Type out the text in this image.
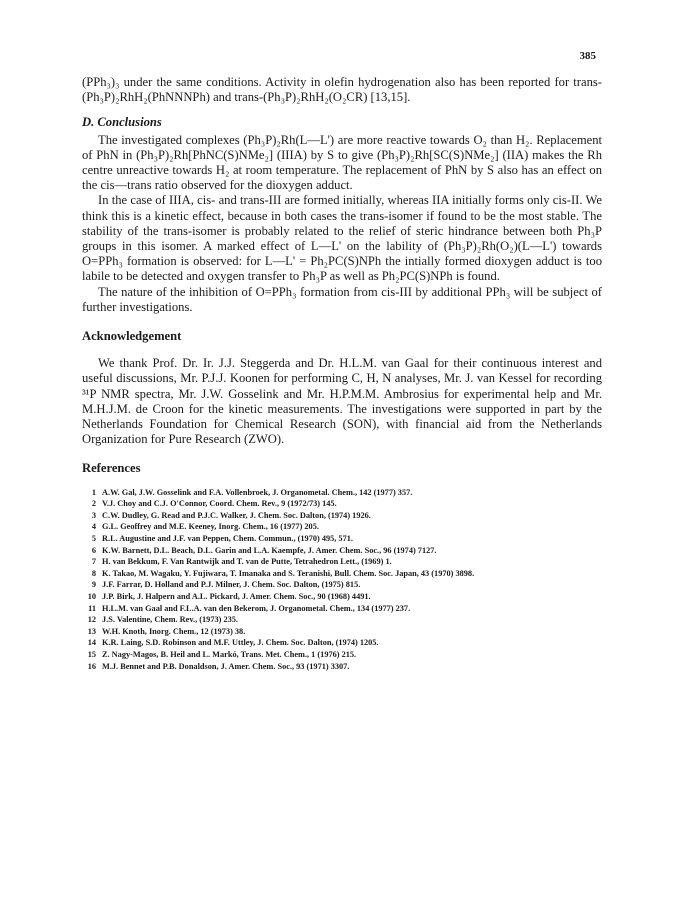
385

(PPh₃)₃ under the same conditions. Activity in olefin hydrogenation also has been reported for trans-(Ph₃P)₂RhH₂(PhNNNPh) and trans-(Ph₃P)₂RhH₂(O₂CR) [13,15].

D. Conclusions

The investigated complexes (Ph₃P)₂Rh(L—L') are more reactive towards O₂ than H₂. Replacement of PhN in (Ph₃P)₂Rh[PhNC(S)NMe₂] (IIIA) by S to give (Ph₃P)₂Rh[SC(S)NMe₂] (IIA) makes the Rh centre unreactive towards H₂ at room temperature. The replacement of PhN by S also has an effect on the cis—trans ratio observed for the dioxygen adduct.

In the case of IIIA, cis- and trans-III are formed initially, whereas IIA initially forms only cis-II. We think this is a kinetic effect, because in both cases the trans-isomer if found to be the most stable. The stability of the trans-isomer is probably related to the relief of steric hindrance between both Ph₃P groups in this isomer. A marked effect of L—L' on the lability of (Ph₃P)₂Rh(O₂)(L—L') towards O=PPh₃ formation is observed: for L—L' = Ph₂PC(S)NPh the intially formed dioxygen adduct is too labile to be detected and oxygen transfer to Ph₃P as well as Ph₂PC(S)NPh is found.

The nature of the inhibition of O=PPh₃ formation from cis-III by additional PPh₃ will be subject of further investigations.

Acknowledgement

We thank Prof. Dr. Ir. J.J. Steggerda and Dr. H.L.M. van Gaal for their continuous interest and useful discussions, Mr. P.J.J. Koonen for performing C, H, N analyses, Mr. J. van Kessel for recording ³¹P NMR spectra, Mr. J.W. Gosselink and Mr. H.P.M.M. Ambrosius for experimental help and Mr. M.H.J.M. de Croon for the kinetic measurements. The investigations were supported in part by the Netherlands Foundation for Chemical Research (SON), with financial aid from the Netherlands Organization for Pure Research (ZWO).

References
1 A.W. Gal, J.W. Gosselink and F.A. Vollenbroek, J. Organometal. Chem., 142 (1977) 357.
2 V.J. Choy and C.J. O'Connor, Coord. Chem. Rev., 9 (1972/73) 145.
3 C.W. Dudley, G. Read and P.J.C. Walker, J. Chem. Soc. Dalton, (1974) 1926.
4 G.L. Geoffrey and M.E. Keeney, Inorg. Chem., 16 (1977) 205.
5 R.L. Augustine and J.F. van Peppen, Chem. Commun., (1970) 495, 571.
6 K.W. Barnett, D.L. Beach, D.L. Garin and L.A. Kaempfe, J. Amer. Chem. Soc., 96 (1974) 7127.
7 H. van Bekkum, F. Van Rantwijk and T. van de Putte, Tetrahedron Lett., (1969) 1.
8 K. Takao, M. Wagaku, Y. Fujiwara, T. Imanaka and S. Teranishi, Bull. Chem. Soc. Japan, 43 (1970) 3898.
9 J.F. Farrar, D. Holland and P.J. Milner, J. Chem. Soc. Dalton, (1975) 815.
10 J.P. Birk, J. Halpern and A.L. Pickard, J. Amer. Chem. Soc., 90 (1968) 4491.
11 H.L.M. van Gaal and F.L.A. van den Bekerom, J. Organometal. Chem., 134 (1977) 237.
12 J.S. Valentine, Chem. Rev., (1973) 235.
13 W.H. Knoth, Inorg. Chem., 12 (1973) 38.
14 K.R. Laing, S.D. Robinson and M.F. Uttley, J. Chem. Soc. Dalton, (1974) 1205.
15 Z. Nagy-Magos, B. Heil and L. Markó, Trans. Met. Chem., 1 (1976) 215.
16 M.J. Bennet and P.B. Donaldson, J. Amer. Chem. Soc., 93 (1971) 3307.
